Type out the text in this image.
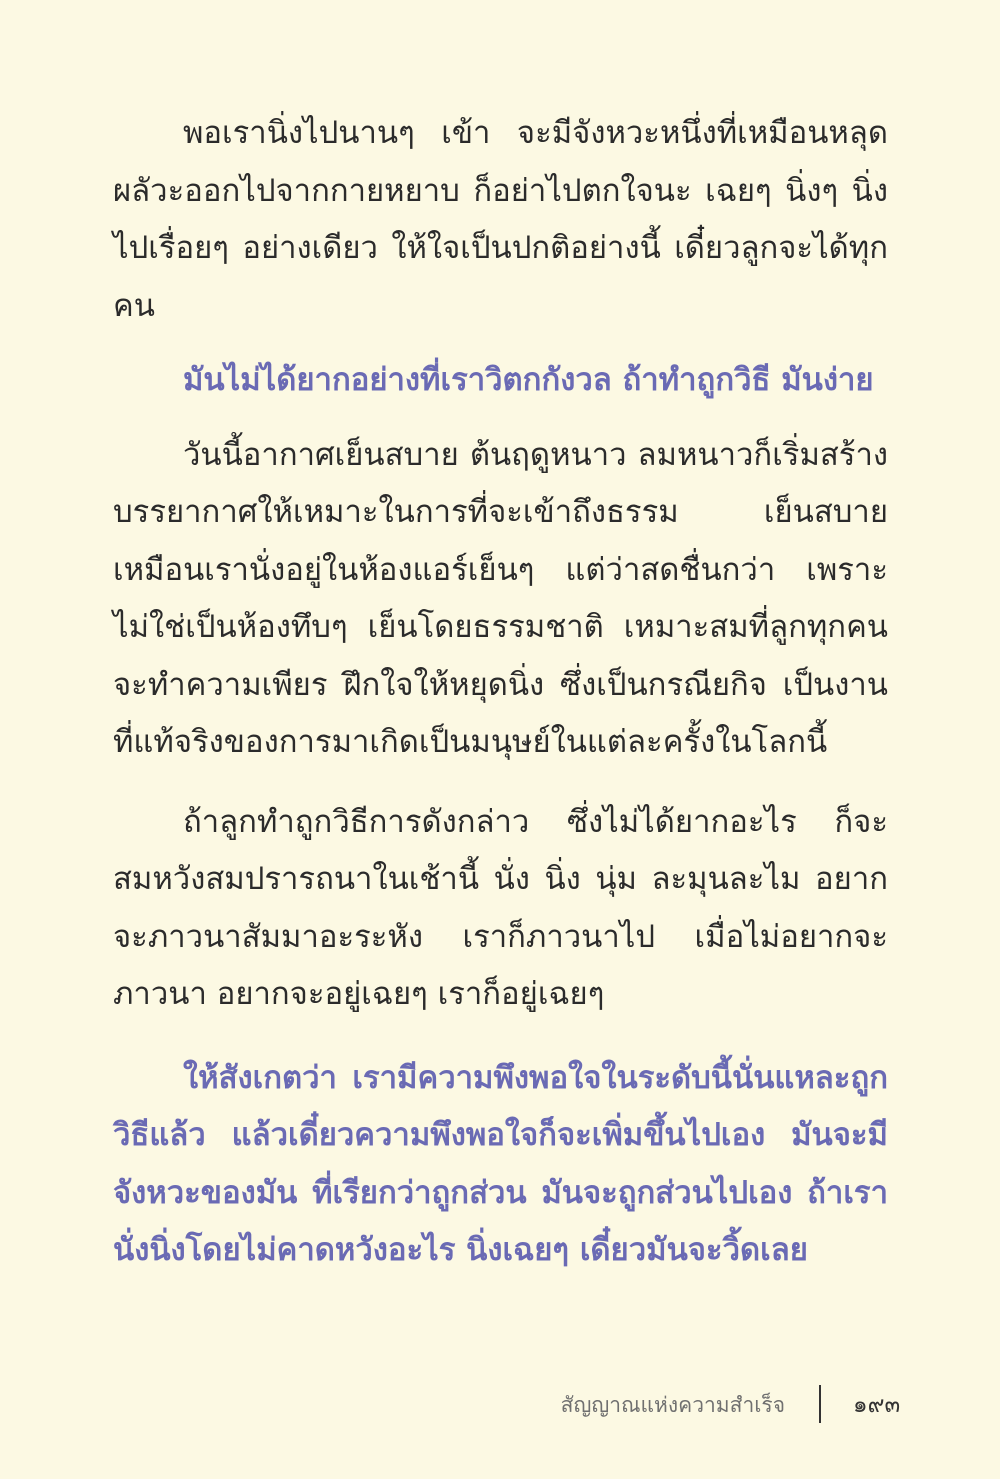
พอเรานิ่งไปนานๆ เข้า จะมีจังหวะหนึ่งที่เหมือนหลุดผลัวะออกไปจากกายหยาบ ก็อย่าไปตกใจนะ เฉยๆ นิ่งๆ นิ่งไปเรื่อยๆ อย่างเดียว ให้ใจเป็นปกติอย่างนี้ เดี๋ยวลูกจะได้ทุกคน

มันไม่ได้ยากอย่างที่เราวิตกกังวล ถ้าทำถูกวิธี มันง่าย

วันนี้อากาศเย็นสบาย ต้นฤดูหนาว ลมหนาวก็เริ่มสร้างบรรยากาศให้เหมาะในการที่จะเข้าถึงธรรม เย็นสบายเหมือนเรานั่งอยู่ในห้องแอร์เย็นๆ แต่ว่าสดชื่นกว่า เพราะไม่ใช่เป็นห้องทึบๆ เย็นโดยธรรมชาติ เหมาะสมที่ลูกทุกคนจะทำความเพียร ฝึกใจให้หยุดนิ่ง ซึ่งเป็นกรณียกิจ เป็นงานที่แท้จริงของการมาเกิดเป็นมนุษย์ในแต่ละครั้งในโลกนี้

ถ้าลูกทำถูกวิธีการดังกล่าว ซึ่งไม่ได้ยากอะไร ก็จะสมหวังสมปรารถนาในเช้านี้ นั่ง นิ่ง นุ่ม ละมุนละไม อยากจะภาวนาสัมมาอะระหัง เราก็ภาวนาไป เมื่อไม่อยากจะภาวนา อยากจะอยู่เฉยๆ เราก็อยู่เฉยๆ

ให้สังเกตว่า เรามีความพึงพอใจในระดับนี้นั่นแหละถูกวิธีแล้ว แล้วเดี๋ยวความพึงพอใจก็จะเพิ่มขึ้นไปเอง มันจะมีจังหวะของมัน ที่เรียกว่าถูกส่วน มันจะถูกส่วนไปเอง ถ้าเรานั่งนิ่งโดยไม่คาดหวังอะไร นิ่งเฉยๆ เดี๋ยวมันจะวิ้ดเลย

สัญญาณแห่งความสำเร็จ	๑๙๓
